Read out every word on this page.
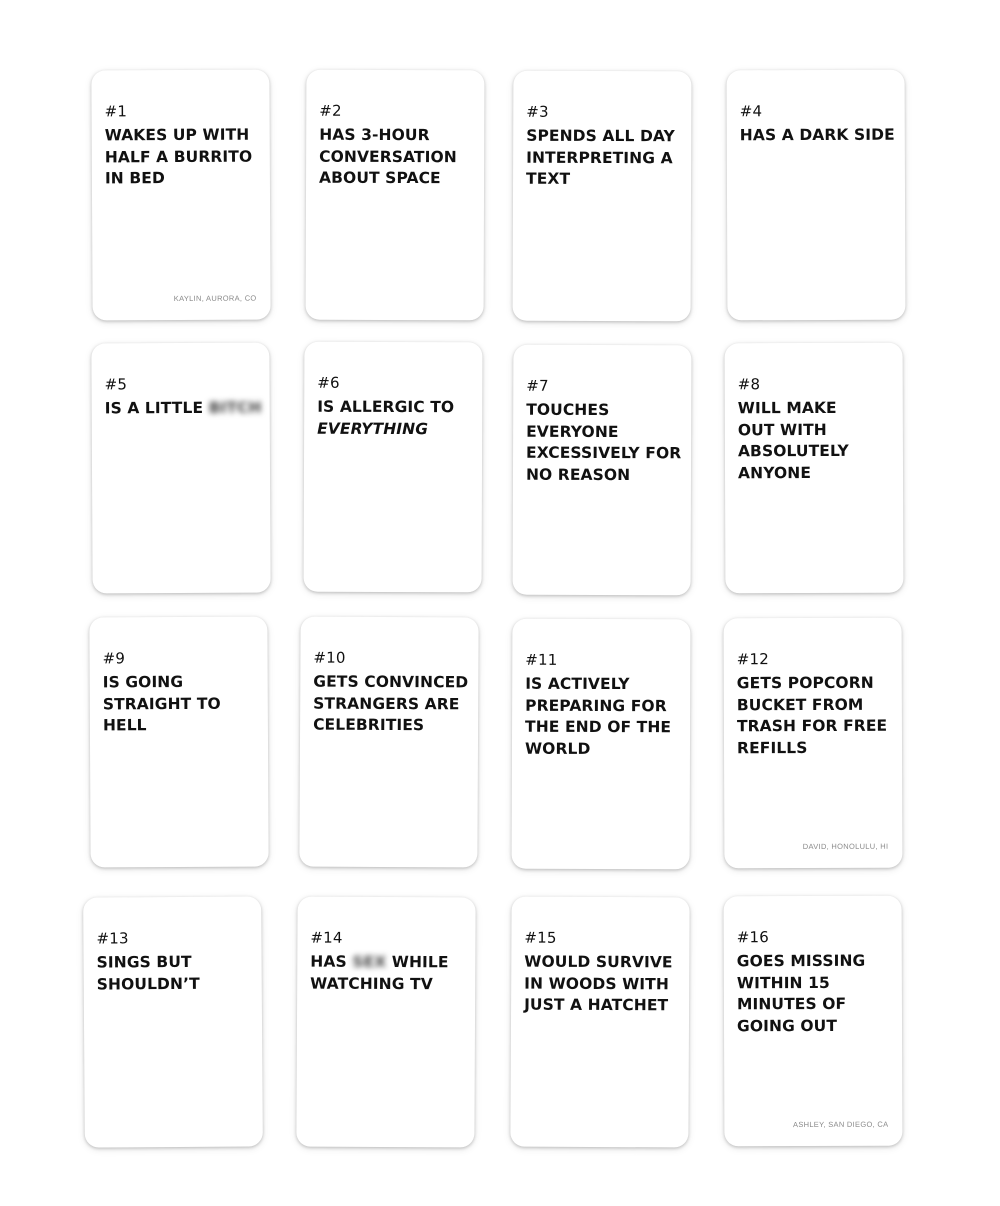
#1
WAKES UP WITH
HALF A BURRITO
IN BED
KAYLIN, AURORA, CO
#2
HAS 3-HOUR
CONVERSATION
ABOUT SPACE
#3
SPENDS ALL DAY
INTERPRETING A
TEXT
#4
HAS A DARK SIDE
#5
IS A LITTLE BITCH
#6
IS ALLERGIC TO
EVERYTHING
#7
TOUCHES
EVERYONE
EXCESSIVELY FOR
NO REASON
#8
WILL MAKE
OUT WITH
ABSOLUTELY
ANYONE
#9
IS GOING
STRAIGHT TO
HELL
#10
GETS CONVINCED
STRANGERS ARE
CELEBRITIES
#11
IS ACTIVELY
PREPARING FOR
THE END OF THE
WORLD
#12
GETS POPCORN
BUCKET FROM
TRASH FOR FREE
REFILLS
DAVID, HONOLULU, HI
#13
SINGS BUT
SHOULDN’T
#14
HAS SEX WHILE
WATCHING TV
#15
WOULD SURVIVE
IN WOODS WITH
JUST A HATCHET
#16
GOES MISSING
WITHIN 15
MINUTES OF
GOING OUT
ASHLEY, SAN DIEGO, CA
